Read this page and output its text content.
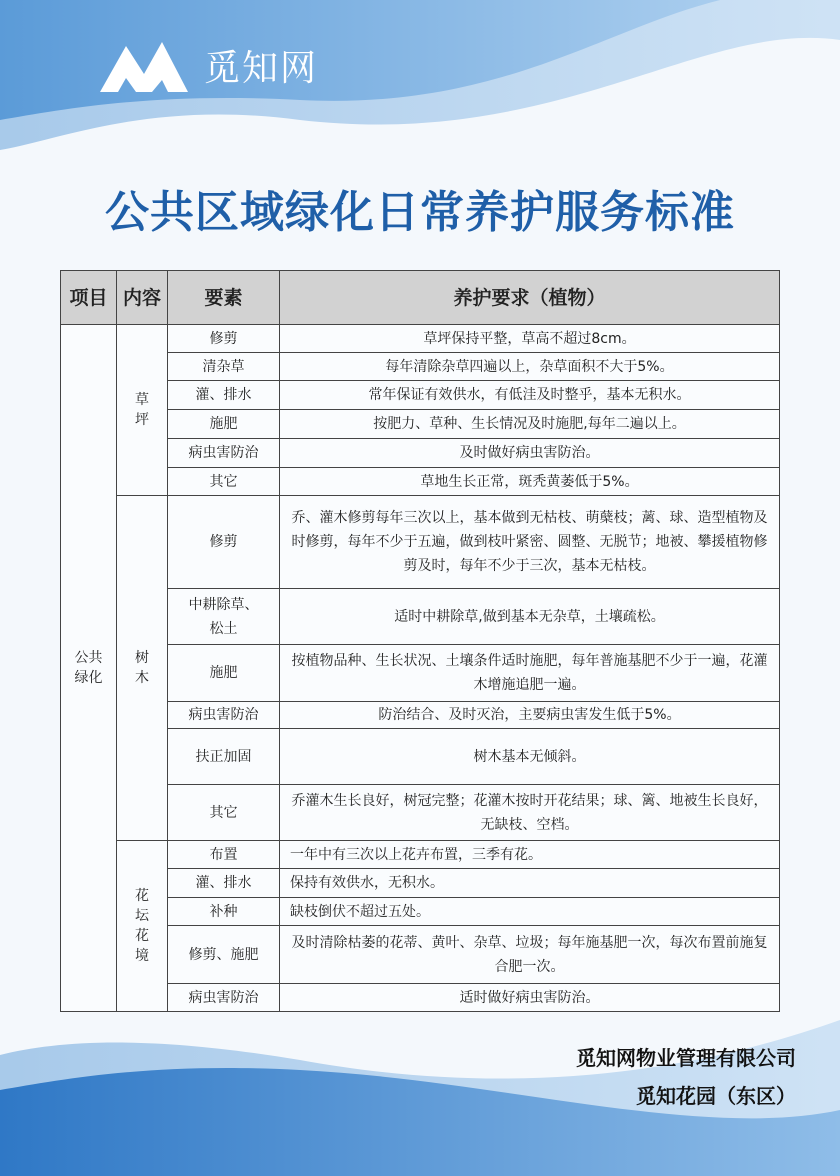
觅知网
公共区域绿化日常养护服务标准
项目	内容	要素	养护要求（植物）
公共绿化	草坪	修剪	草坪保持平整，草高不超过8cm。
		清杂草	每年清除杂草四遍以上，杂草面积不大于5%。
		灌、排水	常年保证有效供水，有低洼及时整乎，基本无积水。
		施肥	按肥力、草种、生长情况及时施肥,每年二遍以上。
		病虫害防治	及时做好病虫害防治。
		其它	草地生长正常，斑秃黄萎低于5%。
	树木	修剪	乔、灌木修剪每年三次以上，基本做到无枯枝、萌蘖枝；蓠、球、造型植物及时修剪，每年不少于五遍，做到枝叶紧密、圆整、无脱节；地被、攀援植物修剪及时，每年不少于三次，基本无枯枝。
		中耕除草、松土	适时中耕除草,做到基本无杂草，土壤疏松。
		施肥	按植物品种、生长状况、土壤条件适时施肥，每年普施基肥不少于一遍，花灌木增施追肥一遍。
		病虫害防治	防治结合、及时灭治，主要病虫害发生低于5%。
		扶正加固	树木基本无倾斜。
		其它	乔灌木生长良好，树冠完整；花灌木按时开花结果；球、篱、地被生长良好，无缺枝、空档。
	花坛花境	布置	一年中有三次以上花卉布置，三季有花。
		灌、排水	保持有效供水，无积水。
		补种	缺枝倒伏不超过五处。
		修剪、施肥	及时清除枯萎的花蒂、黄叶、杂草、垃圾；每年施基肥一次，每次布置前施复合肥一次。
		病虫害防治	适时做好病虫害防治。
觅知网物业管理有限公司
觅知花园（东区）
